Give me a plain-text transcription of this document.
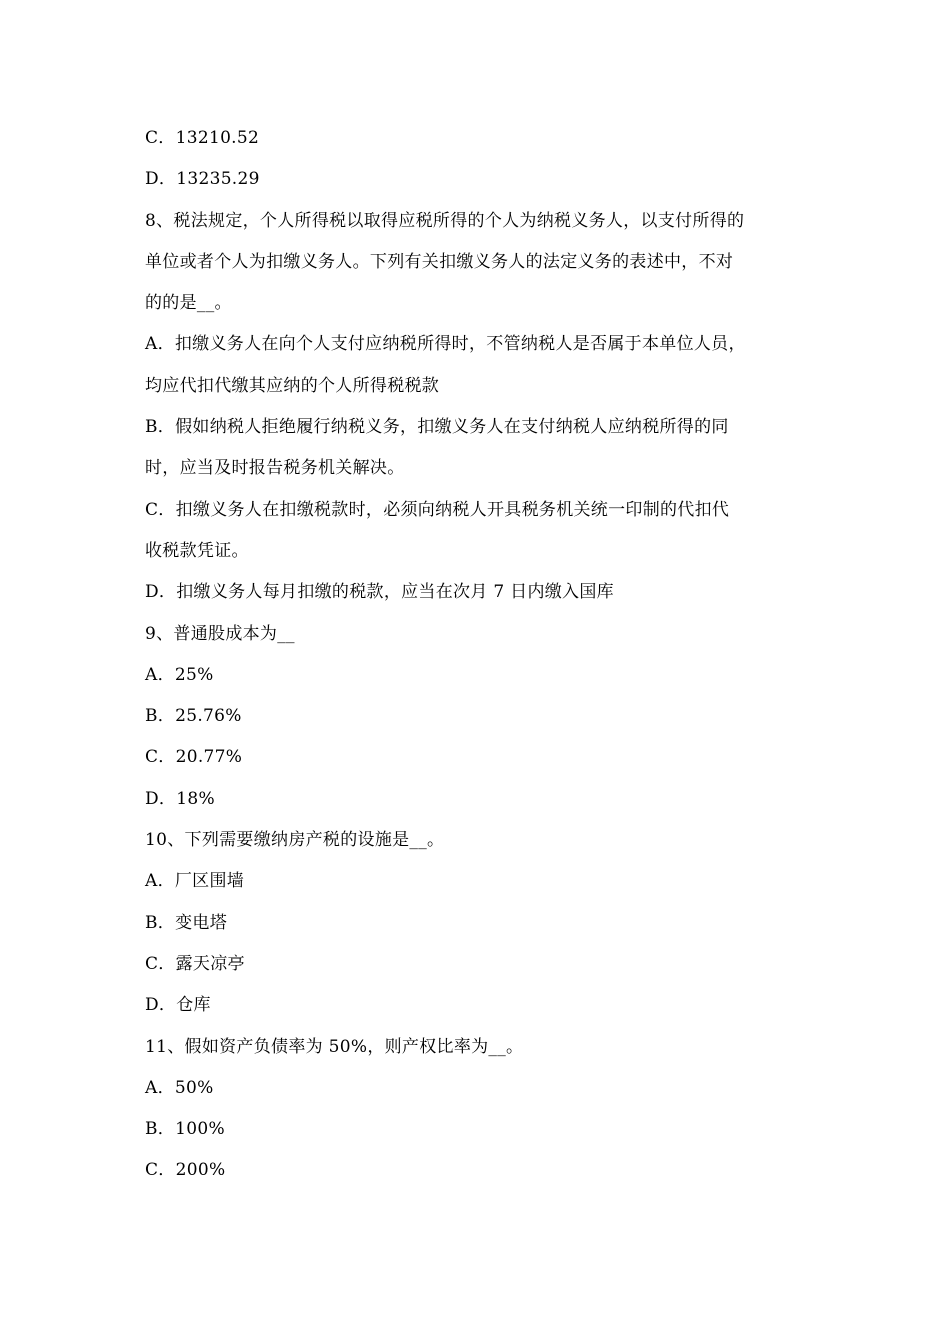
C．13210.52
D．13235.29
8、税法规定，个人所得税以取得应税所得的个人为纳税义务人，以支付所得的
单位或者个人为扣缴义务人。下列有关扣缴义务人的法定义务的表述中，不对
的的是__。
A．扣缴义务人在向个人支付应纳税所得时，不管纳税人是否属于本单位人员，
均应代扣代缴其应纳的个人所得税税款
B．假如纳税人拒绝履行纳税义务，扣缴义务人在支付纳税人应纳税所得的同
时，应当及时报告税务机关解决。
C．扣缴义务人在扣缴税款时，必须向纳税人开具税务机关统一印制的代扣代
收税款凭证。
D．扣缴义务人每月扣缴的税款，应当在次月 7 日内缴入国库
9、普通股成本为__
A．25%
B．25.76%
C．20.77%
D．18%
10、下列需要缴纳房产税的设施是__。
A．厂区围墙
B．变电塔
C．露天凉亭
D．仓库
11、假如资产负债率为 50%，则产权比率为__。
A．50%
B．100%
C．200%
